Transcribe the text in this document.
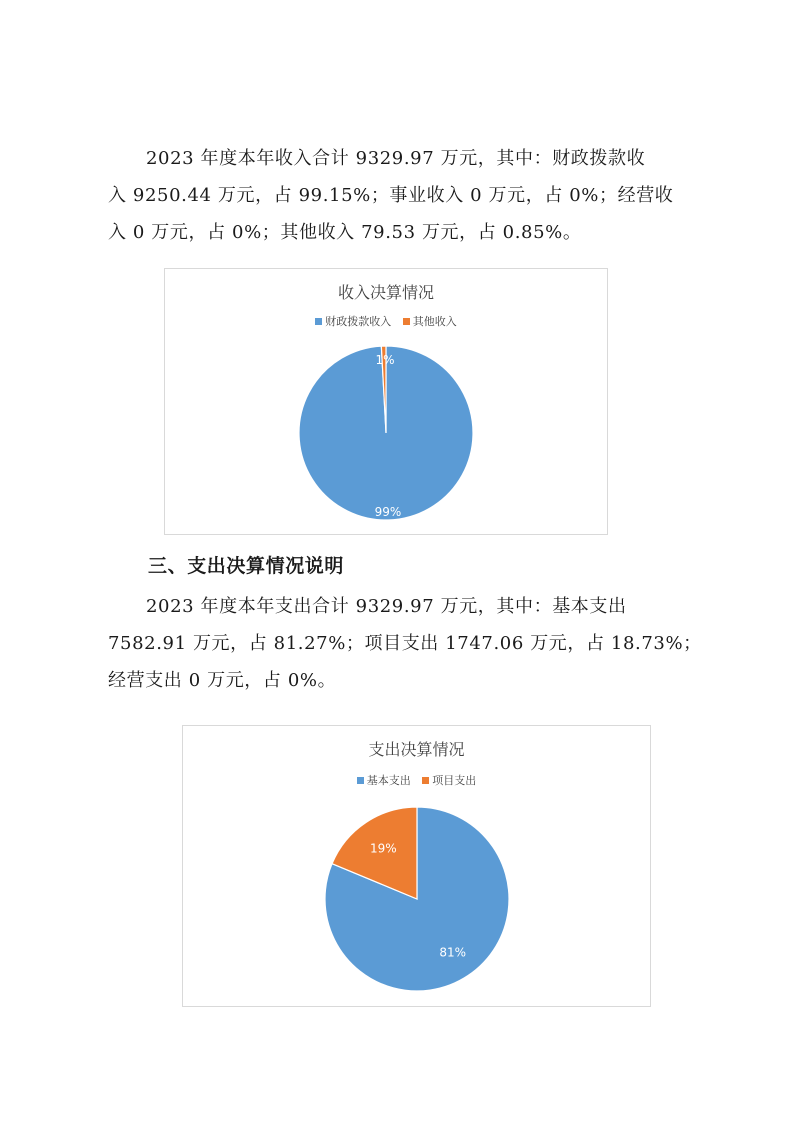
2023 年度本年收入合计 9329.97 万元，其中：财政拨款收
入 9250.44 万元，占 99.15%；事业收入 0 万元，占 0%；经营收
入 0 万元，占 0%；其他收入 79.53 万元，占 0.85%。
收入决算情况
财政拨款收入 其他收入
99%
1%
三、支出决算情况说明
2023 年度本年支出合计 9329.97 万元，其中：基本支出
7582.91 万元，占 81.27%；项目支出 1747.06 万元，占 18.73%；
经营支出 0 万元，占 0%。
支出决算情况
基本支出 项目支出
81%
19%
